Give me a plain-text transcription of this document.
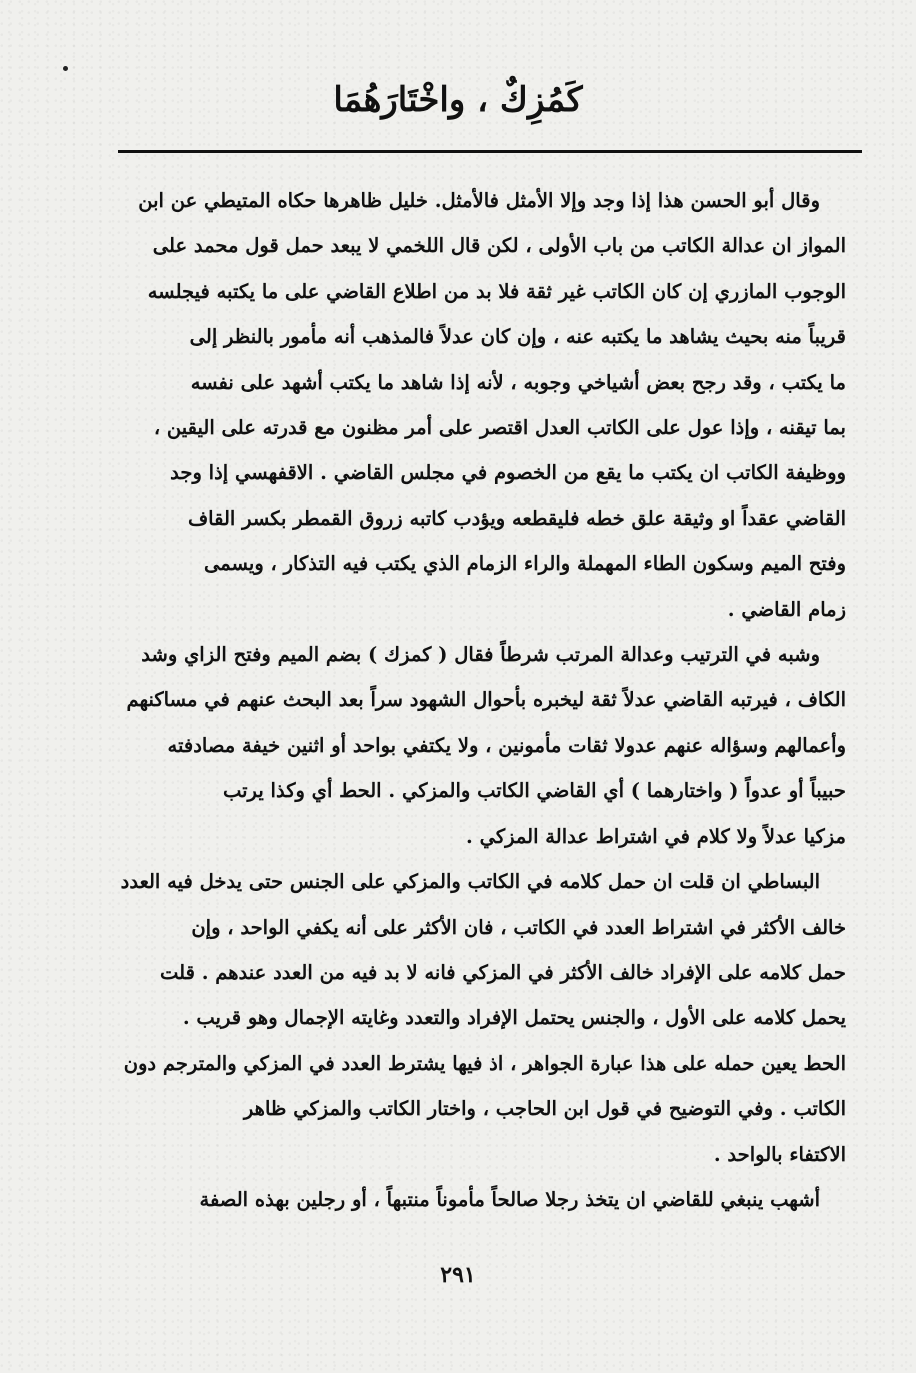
كَمُزِكٌ ، واخْتَارَهُمَا
وقال أبو الحسن هذا إذا وجد وإلا الأمثل فالأمثل. خليل ظاهرها حكاه المتيطي عن ابن
المواز ان عدالة الكاتب من باب الأولى ، لكن قال اللخمي لا يبعد حمل قول محمد على
الوجوب المازري إن كان الكاتب غير ثقة فلا بد من اطلاع القاضي على ما يكتبه فيجلسه
قريباً منه بحيث يشاهد ما يكتبه عنه ، وإن كان عدلاً فالمذهب أنه مأمور بالنظر إلى
ما يكتب ، وقد رجح بعض أشياخي وجوبه ، لأنه إذا شاهد ما يكتب أشهد على نفسه
بما تيقنه ، وإذا عول على الكاتب العدل اقتصر على أمر مظنون مع قدرته على اليقين ،
ووظيفة الكاتب ان يكتب ما يقع من الخصوم في مجلس القاضي . الاقفهسي إذا وجد
القاضي عقداً او وثيقة علق خطه فليقطعه ويؤدب كاتبه زروق القمطر بكسر القاف
وفتح الميم وسكون الطاء المهملة والراء الزمام الذي يكتب فيه التذكار ، ويسمى
زمام القاضي .
وشبه في الترتيب وعدالة المرتب شرطاً فقال ( كمزك ) بضم الميم وفتح الزاي وشد
الكاف ، فيرتبه القاضي عدلاً ثقة ليخبره بأحوال الشهود سراً بعد البحث عنهم في مساكنهم
وأعمالهم وسؤاله عنهم عدولا ثقات مأمونين ، ولا يكتفي بواحد أو اثنين خيفة مصادفته
حبيباً أو عدواً ( واختارهما ) أي القاضي الكاتب والمزكي . الحط أي وكذا يرتب
مزكيا عدلاً ولا كلام في اشتراط عدالة المزكي .
البساطي ان قلت ان حمل كلامه في الكاتب والمزكي على الجنس حتى يدخل فيه العدد
خالف الأكثر في اشتراط العدد في الكاتب ، فان الأكثر على أنه يكفي الواحد ، وإن
حمل كلامه على الإفراد خالف الأكثر في المزكي فانه لا بد فيه من العدد عندهم . قلت
يحمل كلامه على الأول ، والجنس يحتمل الإفراد والتعدد وغايته الإجمال وهو قريب .
الحط يعين حمله على هذا عبارة الجواهر ، اذ فيها يشترط العدد في المزكي والمترجم دون
الكاتب . وفي التوضيح في قول ابن الحاجب ، واختار الكاتب والمزكي ظاهر
الاكتفاء بالواحد .
أشهب ينبغي للقاضي ان يتخذ رجلا صالحاً مأموناً منتبهاً ، أو رجلين بهذه الصفة
٢٩١
